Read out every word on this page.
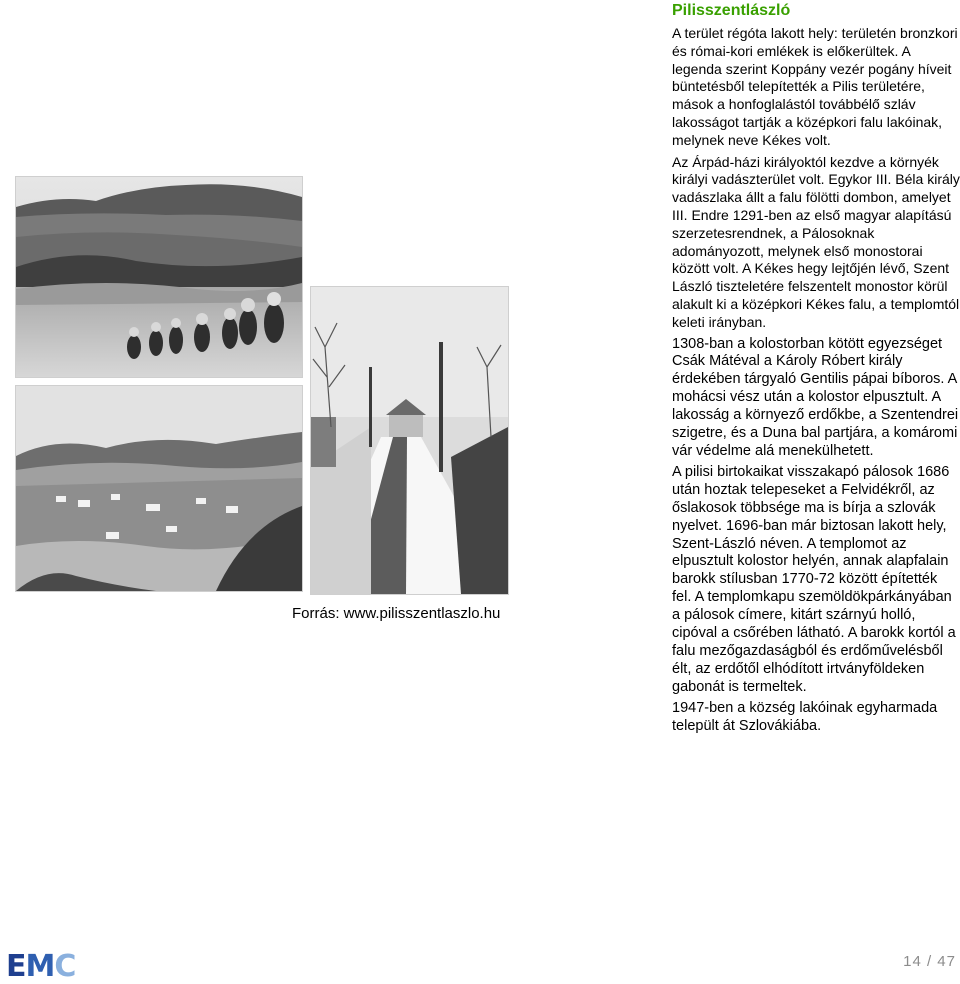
Forrás: www.pilisszentlaszlo.hu
Pilisszentlászló

A terület régóta lakott hely: területén bronzkori és római-kori emlékek is előkerültek. A legenda szerint Koppány vezér pogány híveit büntetésből telepítették a Pilis területére, mások a honfoglalástól továbbélő szláv lakosságot tartják a középkori falu lakóinak, melynek neve Kékes volt.

Az Árpád-házi királyoktól kezdve a környék királyi vadászterület volt. Egykor III. Béla király vadászlaka állt a falu fölötti dombon, amelyet III. Endre 1291-ben az első magyar alapítású szerzetesrendnek, a Pálosoknak adományozott, melynek első monostorai között volt. A Kékes hegy lejtőjén lévő, Szent László tiszteletére felszentelt monostor körül alakult ki a középkori Kékes falu, a templomtól keleti irányban.

1308-ban a kolostorban kötött egyezséget Csák Mátéval a Károly Róbert király érdekében tárgyaló Gentilis pápai bíboros. A mohácsi vész után a kolostor elpusztult. A lakosság a környező erdőkbe, a Szentendrei szigetre, és a Duna bal partjára, a komáromi vár védelme alá menekülhetett.

A pilisi birtokaikat visszakapó pálosok 1686 után hoztak telepeseket a Felvidékről, az őslakosok többsége ma is bírja a szlovák nyelvet. 1696-ban már biztosan lakott hely, Szent-László néven. A templomot az elpusztult kolostor helyén, annak alapfalain barokk stílusban 1770-72 között építették fel. A templomkapu szemöldökpárkányában a pálosok címere, kitárt szárnyú holló, cipóval a csőrében látható. A barokk kortól a falu mezőgazdaságból és erdőművelésből élt, az erdőtől elhódított irtványföldeken gabonát is termeltek.

1947-ben a község lakóinak egyharmada települt át Szlovákiába.

E M C	14 / 47
